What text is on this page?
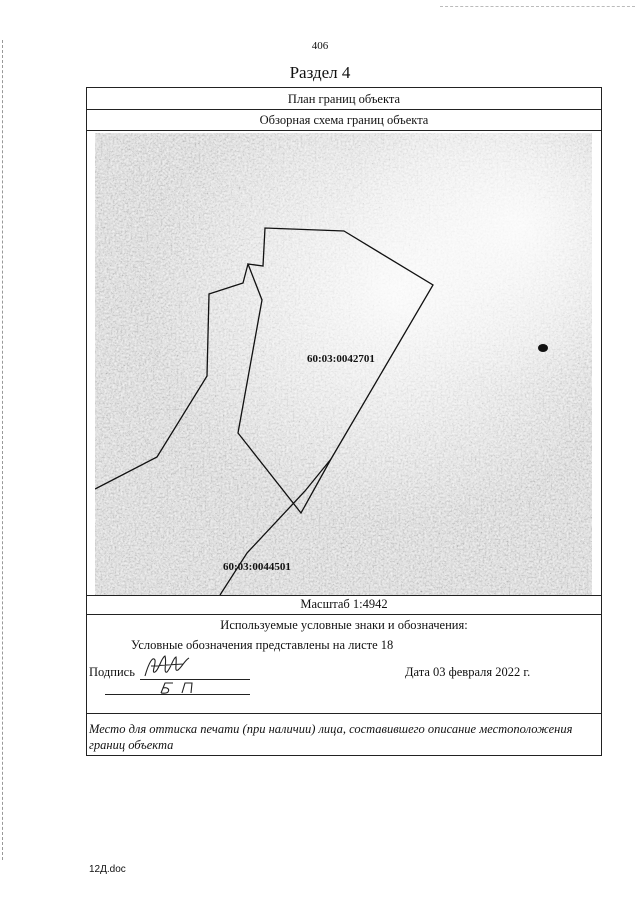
406
Раздел 4
План границ объекта
Обзорная схема границ объекта
60:03:0042701
60:03:0044501
Масштаб 1:4942
Используемые условные знаки и обозначения:
Условные обозначения представлены на листе 18
Подпись	Дата 03 февраля 2022 г.
Место для оттиска печати (при наличии) лица, составившего описание местоположения границ объекта
12Д.doc
